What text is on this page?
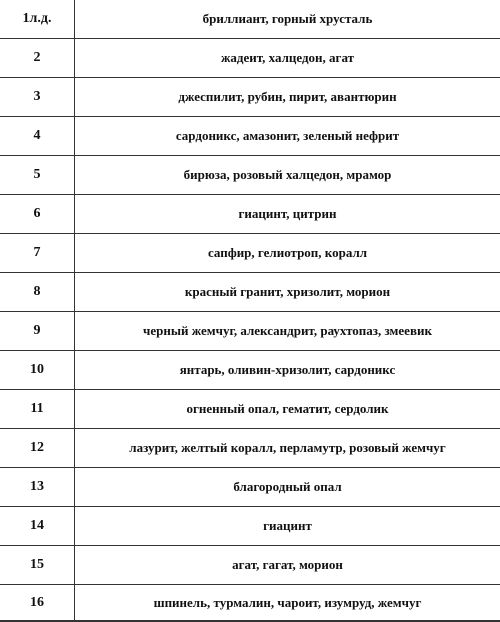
1л.д.	бриллиант, горный хрусталь
2	жадеит, халцедон, агат
3	джеспилит, рубин, пирит, авантюрин
4	сардоникс, амазонит, зеленый нефрит
5	бирюза, розовый халцедон, мрамор
6	гиацинт, цитрин
7	сапфир, гелиотроп, коралл
8	красный гранит, хризолит, морион
9	черный жемчуг, александрит, раухтопаз, змеевик
10	янтарь, оливин-хризолит, сардоникс
11	огненный опал, гематит, сердолик
12	лазурит, желтый коралл, перламутр, розовый жемчуг
13	благородный опал
14	гиацинт
15	агат, гагат, морион
16	шпинель, турмалин, чароит, изумруд, жемчуг
